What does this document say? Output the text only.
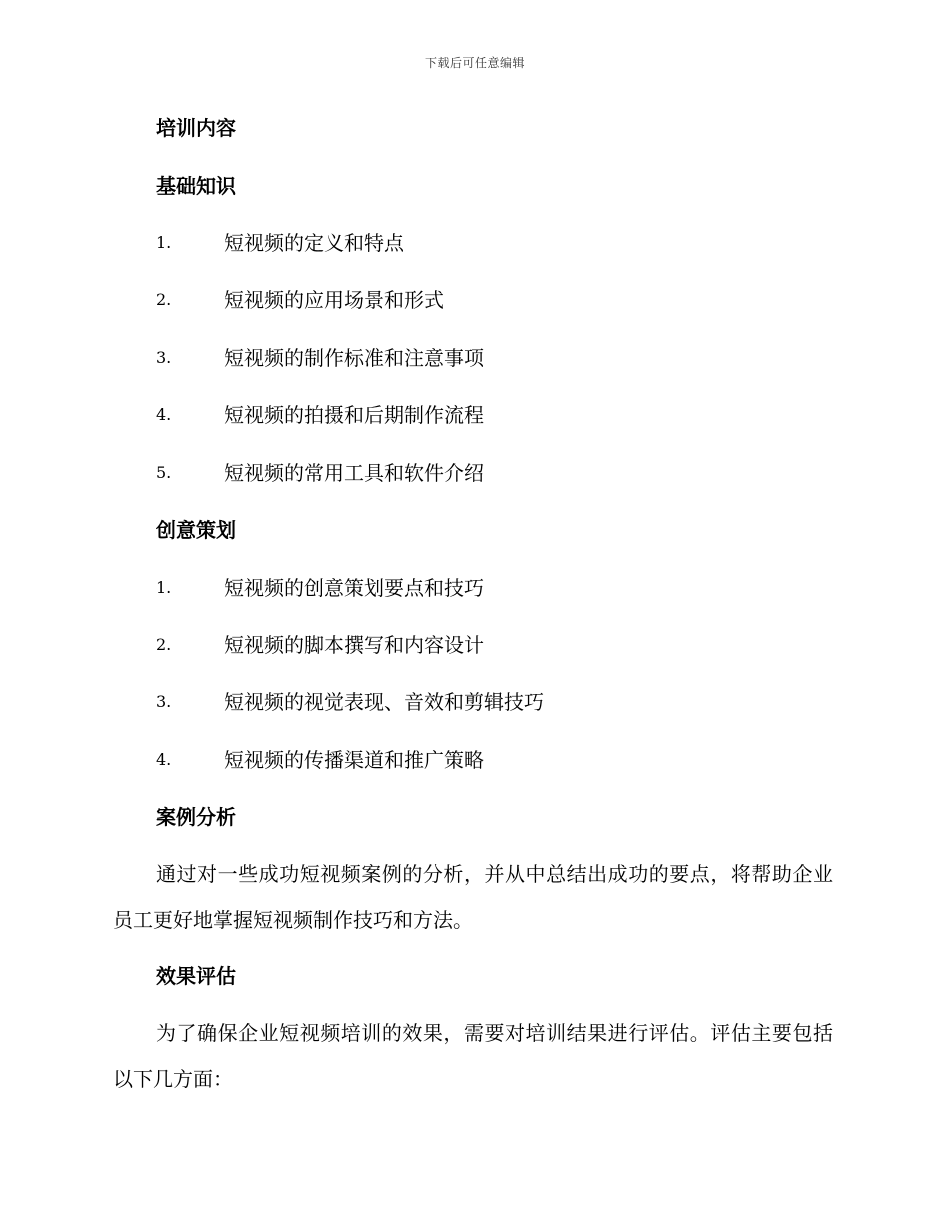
下载后可任意编辑
培训内容
基础知识
1.	短视频的定义和特点
2.	短视频的应用场景和形式
3.	短视频的制作标准和注意事项
4.	短视频的拍摄和后期制作流程
5.	短视频的常用工具和软件介绍
创意策划
1.	短视频的创意策划要点和技巧
2.	短视频的脚本撰写和内容设计
3.	短视频的视觉表现、音效和剪辑技巧
4.	短视频的传播渠道和推广策略
案例分析
通过对一些成功短视频案例的分析，并从中总结出成功的要点，将帮助企业员工更好地掌握短视频制作技巧和方法。
效果评估
为了确保企业短视频培训的效果，需要对培训结果进行评估。评估主要包括以下几方面：
